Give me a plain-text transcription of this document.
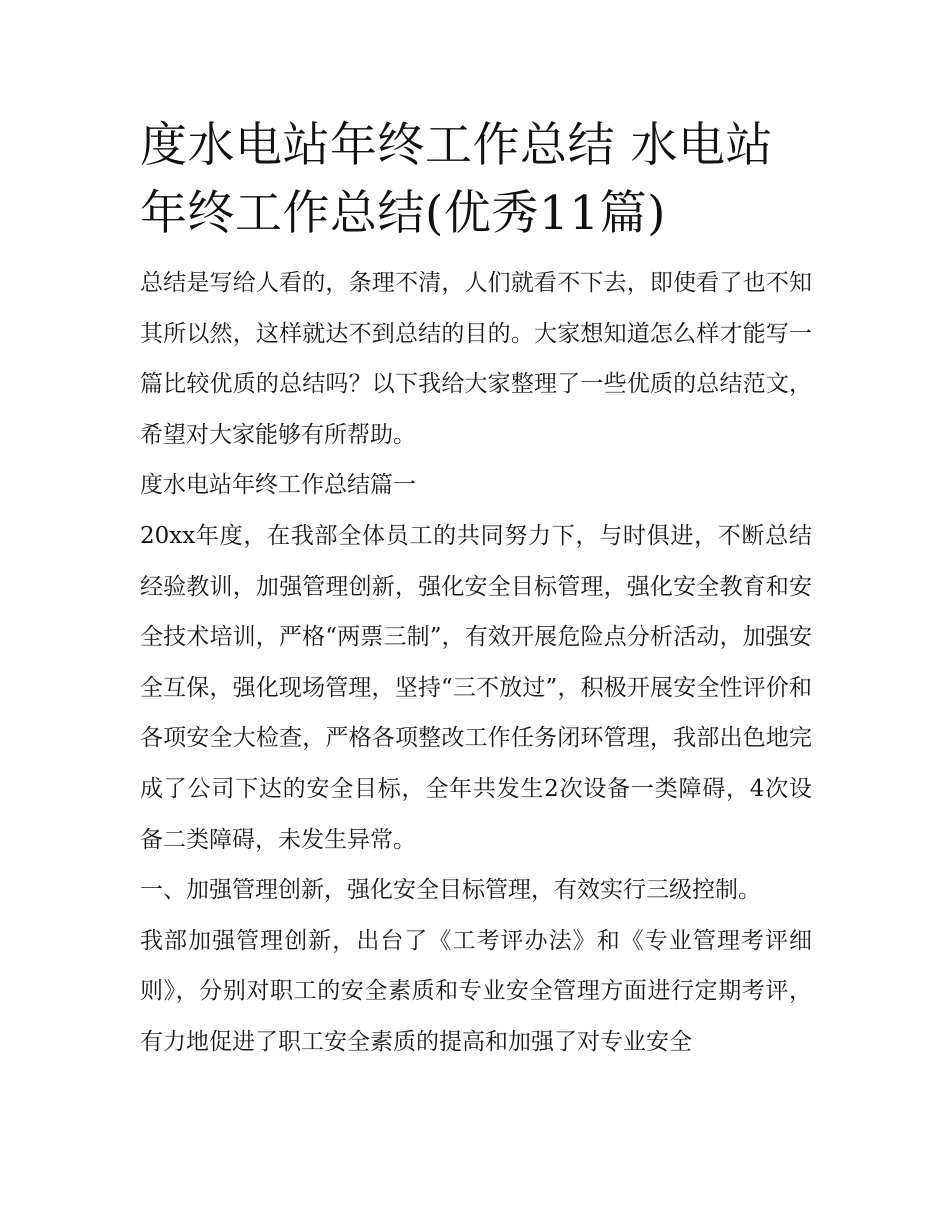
度水电站年终工作总结 水电站年终工作总结(优秀11篇)

总结是写给人看的，条理不清，人们就看不下去，即使看了也不知其所以然，这样就达不到总结的目的。大家想知道怎么样才能写一篇比较优质的总结吗？以下我给大家整理了一些优质的总结范文，希望对大家能够有所帮助。

度水电站年终工作总结篇一

20xx年度，在我部全体员工的共同努力下，与时俱进，不断总结经验教训，加强管理创新，强化安全目标管理，强化安全教育和安全技术培训，严格“两票三制”，有效开展危险点分析活动，加强安全互保，强化现场管理，坚持“三不放过”，积极开展安全性评价和各项安全大检查，严格各项整改工作任务闭环管理，我部出色地完成了公司下达的安全目标，全年共发生2次设备一类障碍，4次设备二类障碍，未发生异常。

一、加强管理创新，强化安全目标管理，有效实行三级控制。

我部加强管理创新，出台了《工考评办法》和《专业管理考评细则》，分别对职工的安全素质和专业安全管理方面进行定期考评，有力地促进了职工安全素质的提高和加强了对专业安全
